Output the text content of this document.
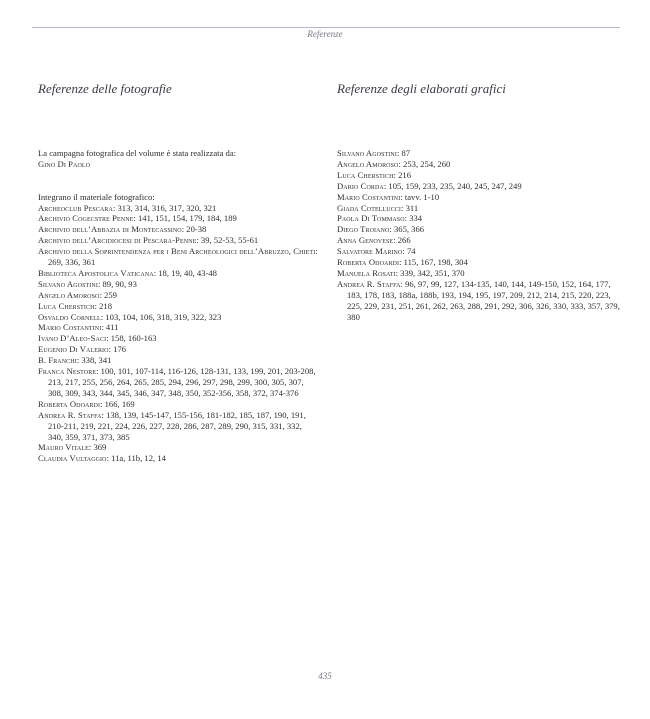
Referenze
Referenze delle fotografie	Referenze degli elaborati grafici
La campagna fotografica del volume è stata realizzata da:
Gino Di Paolo
Integrano il materiale fotografico:
Archeoclub Pescara: 313, 314, 316, 317, 320, 321
Archivio Cogecstre Penne: 141, 151, 154, 179, 184, 189
Archivio dell’Abbazia di Montecassino: 20-38
Archivio dell’Arcidiocesi di Pescara-Penne: 39, 52-53, 55-61
Archivio della Soprintendenza per i Beni Archeologici dell’Abruzzo, Chieti: 269, 336, 361
Biblioteca Apostolica Vaticana: 18, 19, 40, 43-48
Silvano Agostini: 89, 90, 93
Angelo Amoroso: 259
Luca Cherstich: 218
Osvaldo Cornell: 103, 104, 106, 318, 319, 322, 323
Mario Costantini: 411
Ivano D’Aleo-Saci: 158, 160-163
Eugenio Di Valerio: 176
B. Franchi: 338, 341
Franca Nestore: 100, 101, 107-114, 116-126, 128-131, 133, 199, 201, 203-208, 213, 217, 255, 256, 264, 265, 285, 294, 296, 297, 298, 299, 300, 305, 307, 308, 309, 343, 344, 345, 346, 347, 348, 350, 352-356, 358, 372, 374-376
Roberta Odoardi: 166, 169
Andrea R. Staffa: 138, 139, 145-147, 155-156, 181-182, 185, 187, 190, 191, 210-211, 219, 221, 224, 226, 227, 228, 286, 287, 289, 290, 315, 331, 332, 340, 359, 371, 373, 385
Mauro Vitale: 369
Claudia Vultaggio: 11a, 11b, 12, 14
Silvano Agostini: 87
Angelo Amoroso: 253, 254, 260
Luca Cherstich: 216
Dario Corda: 105, 159, 233, 235, 240, 245, 247, 249
Mario Costantini: tavv. 1-10
Giada Cotellucci: 311
Paola Di Tommaso: 334
Diego Troiano: 365, 366
Anna Genovese: 266
Salvatore Marino: 74
Roberta Odoardi: 115, 167, 198, 304
Manuela Rosati: 339, 342, 351, 370
Andrea R. Staffa: 96, 97, 99, 127, 134-135, 140, 144, 149-150, 152, 164, 177, 183, 178, 183, 188a, 188b, 193, 194, 195, 197, 209, 212, 214, 215, 220, 223, 225, 229, 231, 251, 261, 262, 263, 288, 291, 292, 306, 326, 330, 333, 357, 379, 380
435
